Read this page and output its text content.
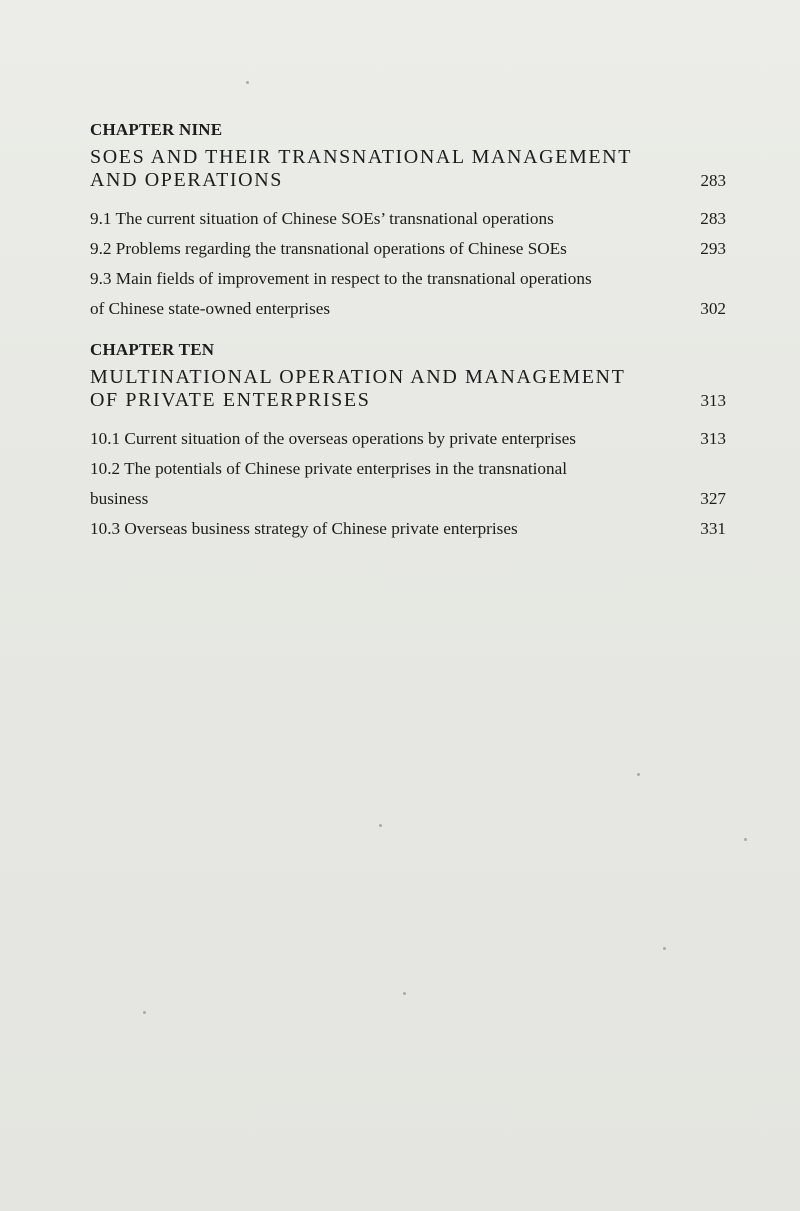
CHAPTER NINE

SOES AND THEIR TRANSNATIONAL MANAGEMENT
AND OPERATIONS	283
9.1 The current situation of Chinese SOEs’ transnational operations	283
9.2 Problems regarding the transnational operations of Chinese SOEs	293
9.3 Main fields of improvement in respect to the transnational operations
of Chinese state-owned enterprises	302

CHAPTER TEN

MULTINATIONAL OPERATION AND MANAGEMENT
OF PRIVATE ENTERPRISES	313
10.1 Current situation of the overseas operations by private enterprises	313
10.2 The potentials of Chinese private enterprises in the transnational
business	327
10.3 Overseas business strategy of Chinese private enterprises	331
